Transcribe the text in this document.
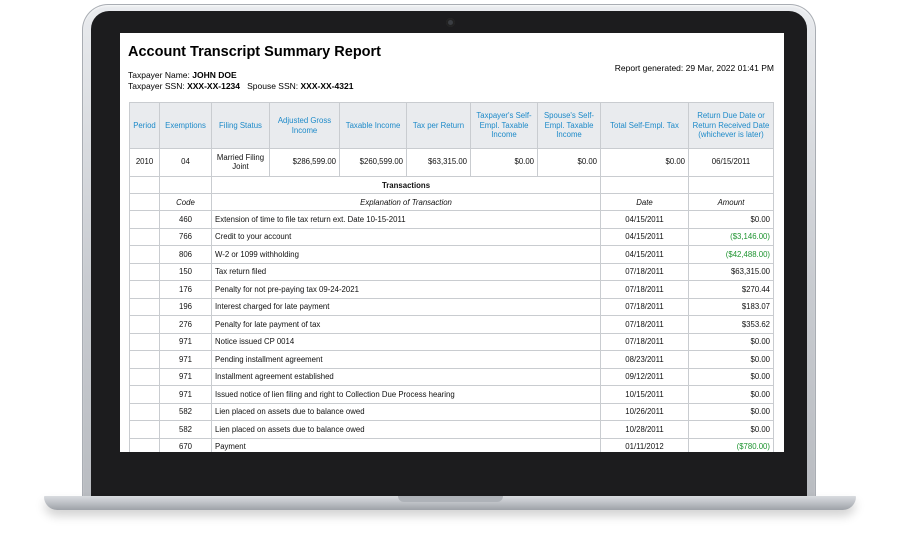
Account Transcript Summary Report
Report generated: 29 Mar, 2022 01:41 PM
Taxpayer Name: JOHN DOE
Taxpayer SSN: XXX-XX-1234 Spouse SSN: XXX-XX-4321
Period	Exemptions	Filing Status	Adjusted Gross Income	Taxable Income	Tax per Return	Taxpayer's Self-Empl. Taxable Income	Spouse's Self-Empl. Taxable Income	Total Self-Empl. Tax	Return Due Date or Return Received Date (whichever is later)
2010	04	Married Filing Joint	$286,599.00	$260,599.00	$63,315.00	$0.00	$0.00	$0.00	06/15/2011
		Transactions							
	Code	Explanation of Transaction						Date	Amount
	460	Extension of time to file tax return ext. Date 10-15-2011						04/15/2011	$0.00
	766	Credit to your account						04/15/2011	($3,146.00)
	806	W-2 or 1099 withholding						04/15/2011	($42,488.00)
	150	Tax return filed						07/18/2011	$63,315.00
	176	Penalty for not pre-paying tax 09-24-2021						07/18/2011	$270.44
	196	Interest charged for late payment						07/18/2011	$183.07
	276	Penalty for late payment of tax						07/18/2011	$353.62
	971	Notice issued CP 0014						07/18/2011	$0.00
	971	Pending installment agreement						08/23/2011	$0.00
	971	Installment agreement established						09/12/2011	$0.00
	971	Issued notice of lien filing and right to Collection Due Process hearing						10/15/2011	$0.00
	582	Lien placed on assets due to balance owed						10/26/2011	$0.00
	582	Lien placed on assets due to balance owed						10/28/2011	$0.00
	670	Payment						01/11/2012	($780.00)
